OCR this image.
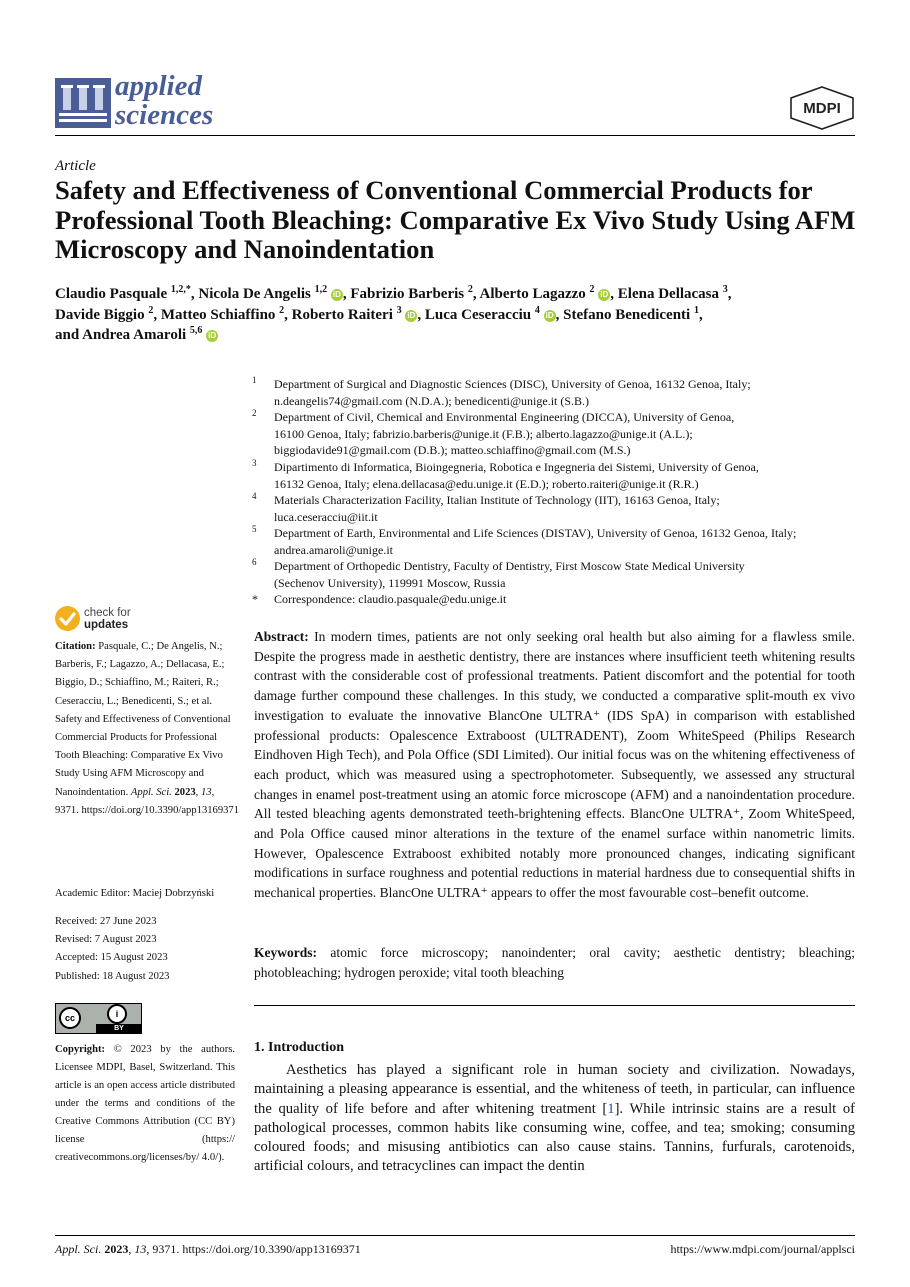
applied
sciences	MDPI
Article
Safety and Effectiveness of Conventional Commercial Products for Professional Tooth Bleaching: Comparative Ex Vivo Study Using AFM Microscopy and Nanoindentation
Claudio Pasquale $^{1,2,*}$, Nicola De Angelis $^{1,2}$ iD , Fabrizio Barberis $^2$, Alberto Lagazzo $^2$ iD , Elena Dellacasa $^3$,
Davide Biggio $^2$, Matteo Schiaffino $^2$, Roberto Raiteri $^3$ iD , Luca Ceseracciu $^4$ iD , Stefano Benedicenti $^1$,
and Andrea Amaroli $^{5,6}$ iD
1 Department of Surgical and Diagnostic Sciences (DISC), University of Genoa, 16132 Genoa, Italy;
n.deangelis74@gmail.com (N.D.A.); benedicenti@unige.it (S.B.)
2 Department of Civil, Chemical and Environmental Engineering (DICCA), University of Genoa,
16100 Genoa, Italy; fabrizio.barberis@unige.it (F.B.); alberto.lagazzo@unige.it (A.L.);
biggiodavide91@gmail.com (D.B.); matteo.schiaffino@gmail.com (M.S.)
3 Dipartimento di Informatica, Bioingegneria, Robotica e Ingegneria dei Sistemi, University of Genoa,
16132 Genoa, Italy; elena.dellacasa@edu.unige.it (E.D.); roberto.raiteri@unige.it (R.R.)
4 Materials Characterization Facility, Italian Institute of Technology (IIT), 16163 Genoa, Italy;
luca.ceseracciu@iit.it
5 Department of Earth, Environmental and Life Sciences (DISTAV), University of Genoa, 16132 Genoa, Italy;
andrea.amaroli@unige.it
6 Department of Orthopedic Dentistry, Faculty of Dentistry, First Moscow State Medical University
(Sechenov University), 119991 Moscow, Russia
* Correspondence: claudio.pasquale@edu.unige.it
check for
updates
Citation: Pasquale, C.; De Angelis, N.; Barberis, F.; Lagazzo, A.; Dellacasa, E.; Biggio, D.; Schiaffino, M.; Raiteri, R.; Ceseracciu, L.; Benedicenti, S.; et al. Safety and Effectiveness of Conventional Commercial Products for Professional Tooth Bleaching: Comparative Ex Vivo Study Using AFM Microscopy and Nanoindentation. Appl. Sci. 2023, 13, 9371. https://doi.org/10.3390/app13169371
Academic Editor: Maciej Dobrzyński
Received: 27 June 2023
Revised: 7 August 2023
Accepted: 15 August 2023
Published: 18 August 2023
cc	i
BY
Copyright: © 2023 by the authors. Licensee MDPI, Basel, Switzerland. This article is an open access article distributed under the terms and conditions of the Creative Commons Attribution (CC BY) license (https:// creativecommons.org/licenses/by/ 4.0/).
Abstract: In modern times, patients are not only seeking oral health but also aiming for a flawless smile. Despite the progress made in aesthetic dentistry, there are instances where insufficient teeth whitening results contrast with the considerable cost of professional treatments. Patient discomfort and the potential for tooth damage further compound these challenges. In this study, we conducted a comparative split-mouth ex vivo investigation to evaluate the innovative BlancOne ULTRA⁺ (IDS SpA) in comparison with established professional products: Opalescence Extraboost (ULTRADENT), Zoom WhiteSpeed (Philips Research Eindhoven High Tech), and Pola Office (SDI Limited). Our initial focus was on the whitening effectiveness of each product, which was measured using a spectrophotometer. Subsequently, we assessed any structural changes in enamel post-treatment using an atomic force microscope (AFM) and a nanoindentation procedure. All tested bleaching agents demonstrated teeth-brightening effects. BlancOne ULTRA⁺, Zoom WhiteSpeed, and Pola Office caused minor alterations in the texture of the enamel surface within nanometric limits. However, Opalescence Extraboost exhibited notably more pronounced changes, indicating significant modifications in surface roughness and potential reductions in material hardness due to consequential shifts in mechanical properties. BlancOne ULTRA⁺ appears to offer the most favourable cost–benefit outcome.
Keywords: atomic force microscopy; nanoindenter; oral cavity; aesthetic dentistry; bleaching; photobleaching; hydrogen peroxide; vital tooth bleaching
1. Introduction
Aesthetics has played a significant role in human society and civilization. Nowadays, maintaining a pleasing appearance is essential, and the whiteness of teeth, in particular, can influence the quality of life before and after whitening treatment [1]. While intrinsic stains are a result of pathological processes, common habits like consuming wine, coffee, and tea; smoking; consuming coloured foods; and misusing antibiotics can also cause stains. Tannins, furfurals, carotenoids, artificial colours, and tetracyclines can impact the dentin
Appl. Sci. 2023, 13, 9371. https://doi.org/10.3390/app13169371	https://www.mdpi.com/journal/applsci
